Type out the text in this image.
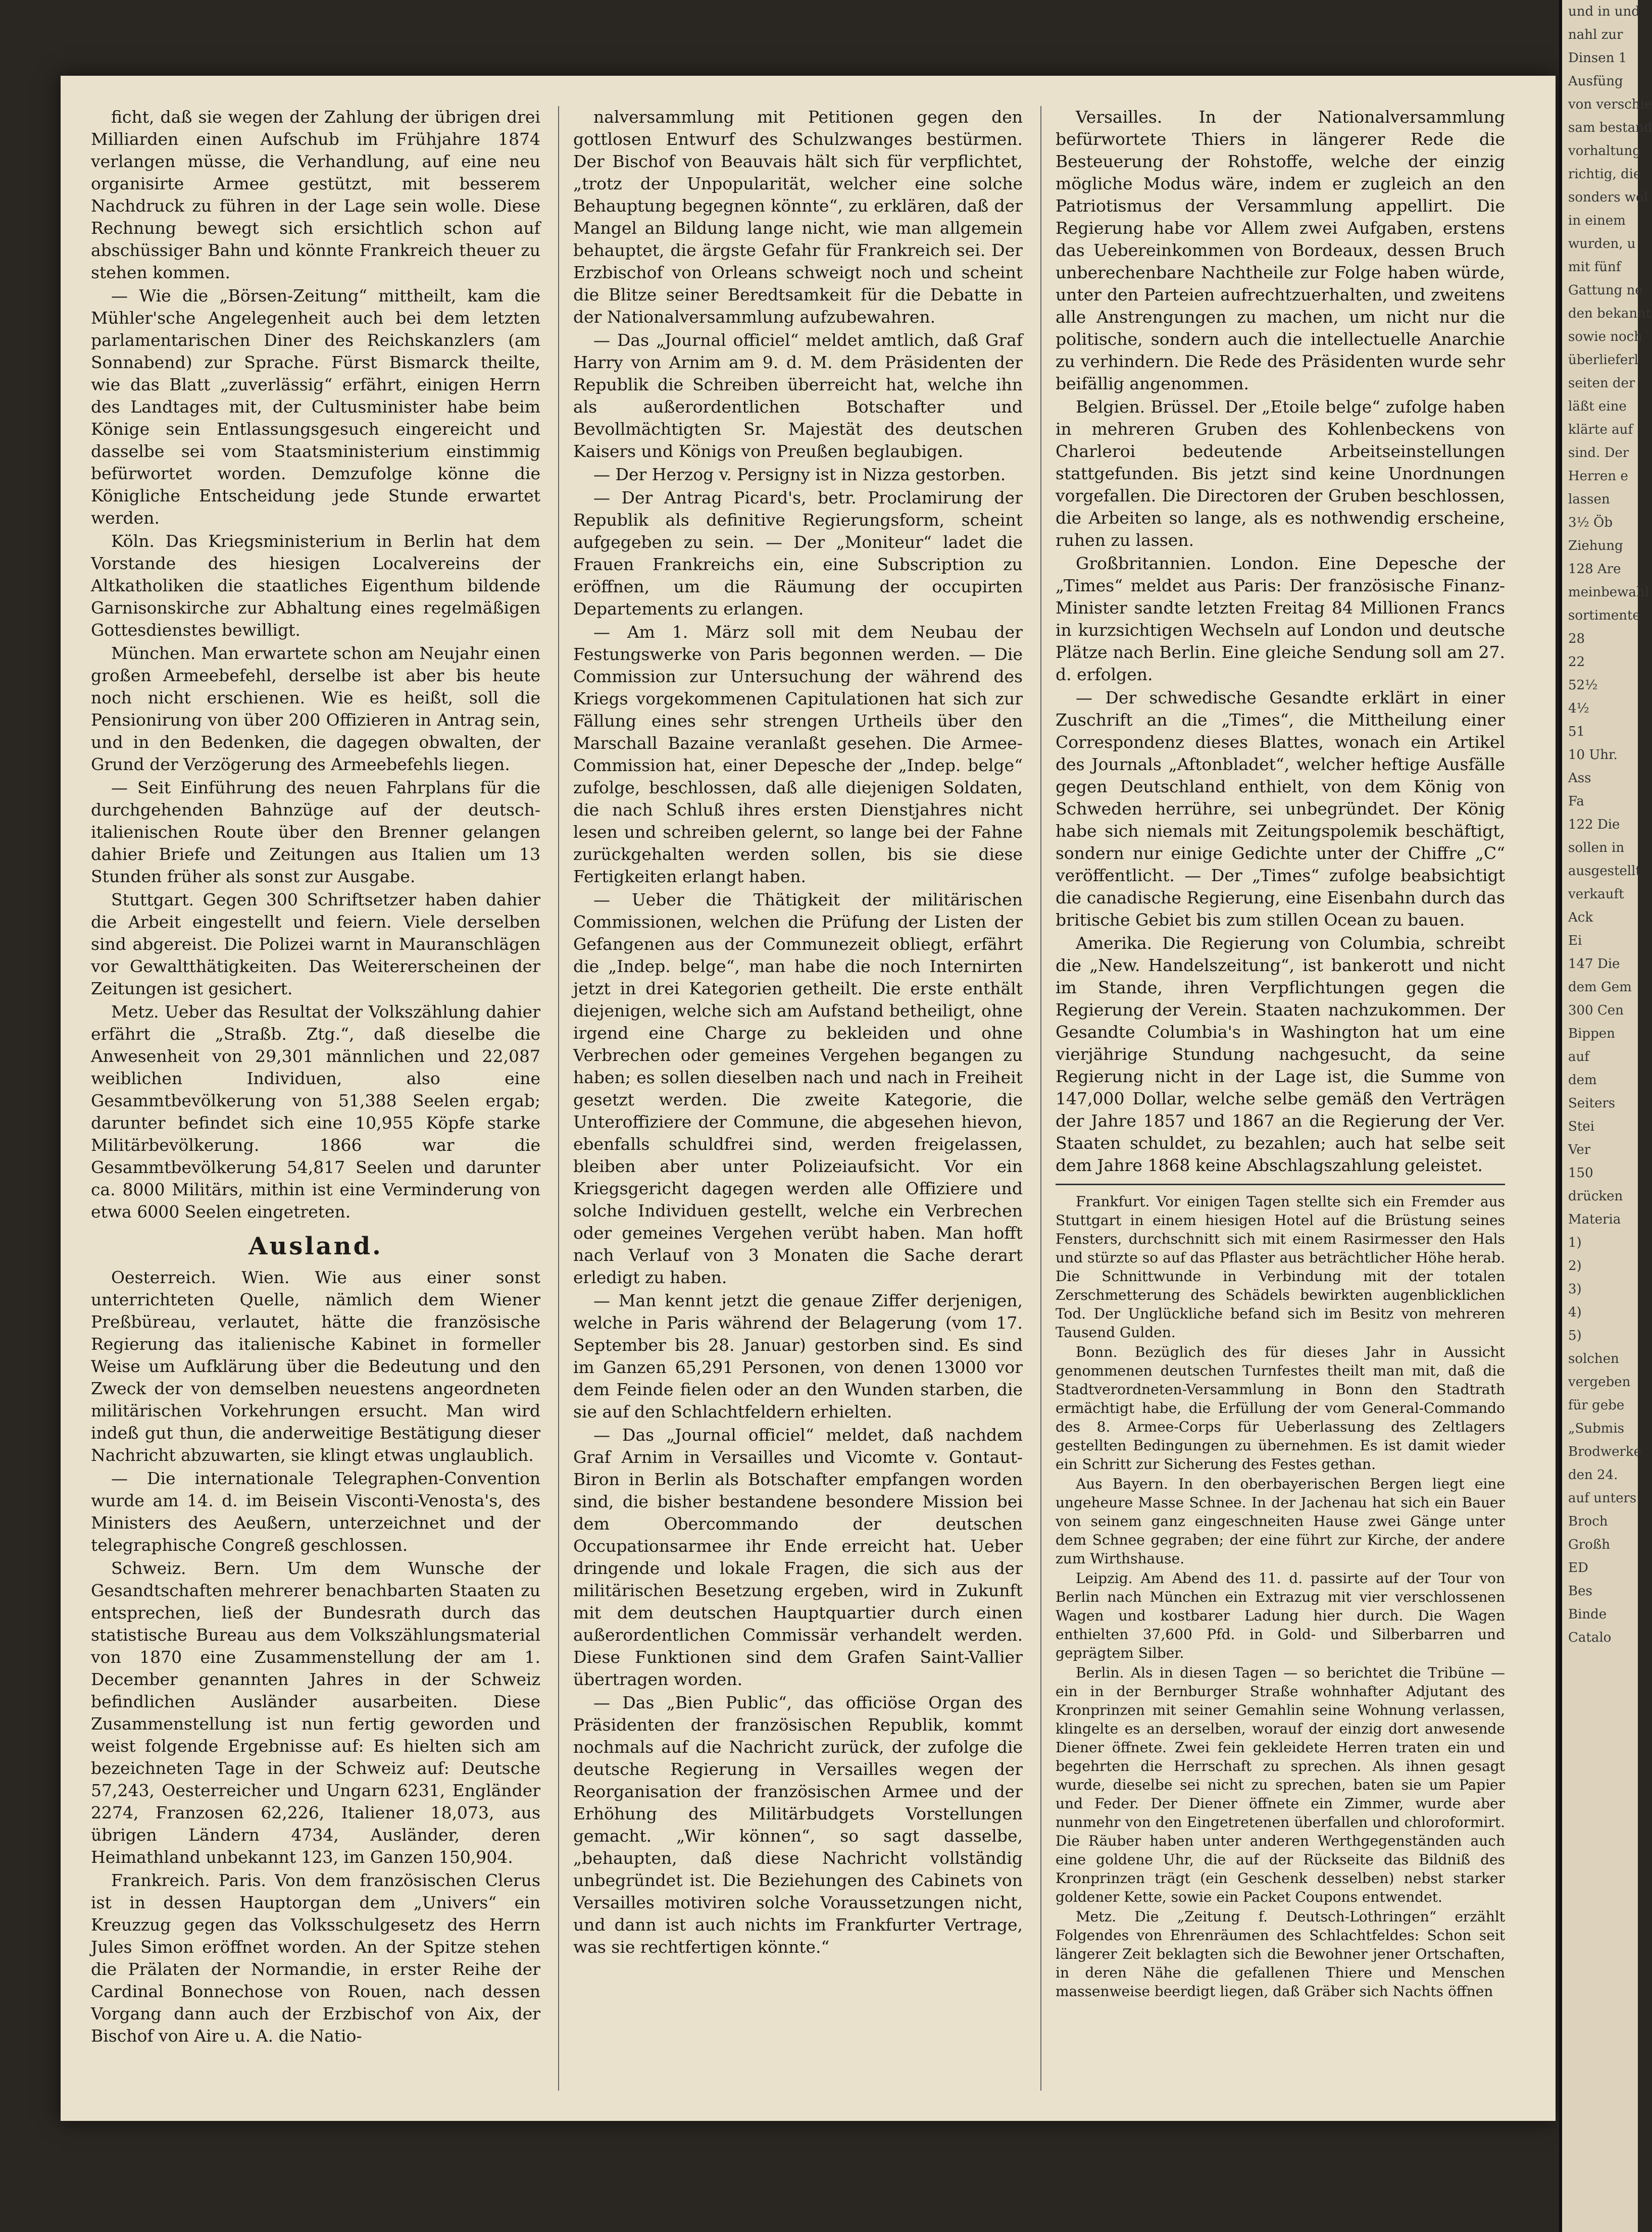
ficht, daß sie wegen der Zahlung der übrigen drei Milliarden einen Aufschub im Frühjahre 1874 verlangen müsse, die Verhandlung, auf eine neu organisirte Armee gestützt, mit besserem Nachdruck zu führen in der Lage sein wolle. Diese Rechnung bewegt sich ersichtlich schon auf abschüssiger Bahn und könnte Frankreich theuer zu stehen kommen.

— Wie die „Börsen-Zeitung“ mittheilt, kam die Mühler'sche Angelegenheit auch bei dem letzten parlamentarischen Diner des Reichskanzlers (am Sonnabend) zur Sprache. Fürst Bismarck theilte, wie das Blatt „zuverlässig“ erfährt, einigen Herrn des Landtages mit, der Cultusminister habe beim Könige sein Entlassungsgesuch eingereicht und dasselbe sei vom Staatsministerium einstimmig befürwortet worden. Demzufolge könne die Königliche Entscheidung jede Stunde erwartet werden.

Köln. Das Kriegsministerium in Berlin hat dem Vorstande des hiesigen Localvereins der Altkatholiken die staatliches Eigenthum bildende Garnisonskirche zur Abhaltung eines regelmäßigen Gottesdienstes bewilligt.

München. Man erwartete schon am Neujahr einen großen Armeebefehl, derselbe ist aber bis heute noch nicht erschienen. Wie es heißt, soll die Pensionirung von über 200 Offizieren in Antrag sein, und in den Bedenken, die dagegen obwalten, der Grund der Verzögerung des Armeebefehls liegen.

— Seit Einführung des neuen Fahrplans für die durchgehenden Bahnzüge auf der deutsch-italienischen Route über den Brenner gelangen dahier Briefe und Zeitungen aus Italien um 13 Stunden früher als sonst zur Ausgabe.

Stuttgart. Gegen 300 Schriftsetzer haben dahier die Arbeit eingestellt und feiern. Viele derselben sind abgereist. Die Polizei warnt in Mauranschlägen vor Gewaltthätigkeiten. Das Weitererscheinen der Zeitungen ist gesichert.

Metz. Ueber das Resultat der Volkszählung dahier erfährt die „Straßb. Ztg.“, daß dieselbe die Anwesenheit von 29,301 männlichen und 22,087 weiblichen Individuen, also eine Gesammtbevölkerung von 51,388 Seelen ergab; darunter befindet sich eine 10,955 Köpfe starke Militärbevölkerung. 1866 war die Gesammtbevölkerung 54,817 Seelen und darunter ca. 8000 Militärs, mithin ist eine Verminderung von etwa 6000 Seelen eingetreten.

Ausland.

Oesterreich. Wien. Wie aus einer sonst unterrichteten Quelle, nämlich dem Wiener Preßbüreau, verlautet, hätte die französische Regierung das italienische Kabinet in formeller Weise um Aufklärung über die Bedeutung und den Zweck der von demselben neuestens angeordneten militärischen Vorkehrungen ersucht. Man wird indeß gut thun, die anderweitige Bestätigung dieser Nachricht abzuwarten, sie klingt etwas unglaublich.

— Die internationale Telegraphen-Convention wurde am 14. d. im Beisein Visconti-Venosta's, des Ministers des Aeußern, unterzeichnet und der telegraphische Congreß geschlossen.

Schweiz. Bern. Um dem Wunsche der Gesandtschaften mehrerer benachbarten Staaten zu entsprechen, ließ der Bundesrath durch das statistische Bureau aus dem Volkszählungsmaterial von 1870 eine Zusammenstellung der am 1. December genannten Jahres in der Schweiz befindlichen Ausländer ausarbeiten. Diese Zusammenstellung ist nun fertig geworden und weist folgende Ergebnisse auf: Es hielten sich am bezeichneten Tage in der Schweiz auf: Deutsche 57,243, Oesterreicher und Ungarn 6231, Engländer 2274, Franzosen 62,226, Italiener 18,073, aus übrigen Ländern 4734, Ausländer, deren Heimathland unbekannt 123, im Ganzen 150,904.

Frankreich. Paris. Von dem französischen Clerus ist in dessen Hauptorgan dem „Univers“ ein Kreuzzug gegen das Volksschulgesetz des Herrn Jules Simon eröffnet worden. An der Spitze stehen die Prälaten der Normandie, in erster Reihe der Cardinal Bonnechose von Rouen, nach dessen Vorgang dann auch der Erzbischof von Aix, der Bischof von Aire u. A. die Natio-

nalversammlung mit Petitionen gegen den gottlosen Entwurf des Schulzwanges bestürmen. Der Bischof von Beauvais hält sich für verpflichtet, „trotz der Unpopularität, welcher eine solche Behauptung begegnen könnte“, zu erklären, daß der Mangel an Bildung lange nicht, wie man allgemein behauptet, die ärgste Gefahr für Frankreich sei. Der Erzbischof von Orleans schweigt noch und scheint die Blitze seiner Beredtsamkeit für die Debatte in der Nationalversammlung aufzubewahren.

— Das „Journal officiel“ meldet amtlich, daß Graf Harry von Arnim am 9. d. M. dem Präsidenten der Republik die Schreiben überreicht hat, welche ihn als außerordentlichen Botschafter und Bevollmächtigten Sr. Majestät des deutschen Kaisers und Königs von Preußen beglaubigen.

— Der Herzog v. Persigny ist in Nizza gestorben.

— Der Antrag Picard's, betr. Proclamirung der Republik als definitive Regierungsform, scheint aufgegeben zu sein. — Der „Moniteur“ ladet die Frauen Frankreichs ein, eine Subscription zu eröffnen, um die Räumung der occupirten Departements zu erlangen.

— Am 1. März soll mit dem Neubau der Festungswerke von Paris begonnen werden. — Die Commission zur Untersuchung der während des Kriegs vorgekommenen Capitulationen hat sich zur Fällung eines sehr strengen Urtheils über den Marschall Bazaine veranlaßt gesehen. Die Armee-Commission hat, einer Depesche der „Indep. belge“ zufolge, beschlossen, daß alle diejenigen Soldaten, die nach Schluß ihres ersten Dienstjahres nicht lesen und schreiben gelernt, so lange bei der Fahne zurückgehalten werden sollen, bis sie diese Fertigkeiten erlangt haben.

— Ueber die Thätigkeit der militärischen Commissionen, welchen die Prüfung der Listen der Gefangenen aus der Communezeit obliegt, erfährt die „Indep. belge“, man habe die noch Internirten jetzt in drei Kategorien getheilt. Die erste enthält diejenigen, welche sich am Aufstand betheiligt, ohne irgend eine Charge zu bekleiden und ohne Verbrechen oder gemeines Vergehen begangen zu haben; es sollen dieselben nach und nach in Freiheit gesetzt werden. Die zweite Kategorie, die Unteroffiziere der Commune, die abgesehen hievon, ebenfalls schuldfrei sind, werden freigelassen, bleiben aber unter Polizeiaufsicht. Vor ein Kriegsgericht dagegen werden alle Offiziere und solche Individuen gestellt, welche ein Verbrechen oder gemeines Vergehen verübt haben. Man hofft nach Verlauf von 3 Monaten die Sache derart erledigt zu haben.

— Man kennt jetzt die genaue Ziffer derjenigen, welche in Paris während der Belagerung (vom 17. September bis 28. Januar) gestorben sind. Es sind im Ganzen 65,291 Personen, von denen 13000 vor dem Feinde fielen oder an den Wunden starben, die sie auf den Schlachtfeldern erhielten.

— Das „Journal officiel“ meldet, daß nachdem Graf Arnim in Versailles und Vicomte v. Gontaut-Biron in Berlin als Botschafter empfangen worden sind, die bisher bestandene besondere Mission bei dem Obercommando der deutschen Occupationsarmee ihr Ende erreicht hat. Ueber dringende und lokale Fragen, die sich aus der militärischen Besetzung ergeben, wird in Zukunft mit dem deutschen Hauptquartier durch einen außerordentlichen Commissär verhandelt werden. Diese Funktionen sind dem Grafen Saint-Vallier übertragen worden.

— Das „Bien Public“, das officiöse Organ des Präsidenten der französischen Republik, kommt nochmals auf die Nachricht zurück, der zufolge die deutsche Regierung in Versailles wegen der Reorganisation der französischen Armee und der Erhöhung des Militärbudgets Vorstellungen gemacht. „Wir können“, so sagt dasselbe, „behaupten, daß diese Nachricht vollständig unbegründet ist. Die Beziehungen des Cabinets von Versailles motiviren solche Voraussetzungen nicht, und dann ist auch nichts im Frankfurter Vertrage, was sie rechtfertigen könnte.“

Versailles. In der Nationalversammlung befürwortete Thiers in längerer Rede die Besteuerung der Rohstoffe, welche der einzig mögliche Modus wäre, indem er zugleich an den Patriotismus der Versammlung appellirt. Die Regierung habe vor Allem zwei Aufgaben, erstens das Uebereinkommen von Bordeaux, dessen Bruch unberechenbare Nachtheile zur Folge haben würde, unter den Parteien aufrechtzuerhalten, und zweitens alle Anstrengungen zu machen, um nicht nur die politische, sondern auch die intellectuelle Anarchie zu verhindern. Die Rede des Präsidenten wurde sehr beifällig angenommen.

Belgien. Brüssel. Der „Etoile belge“ zufolge haben in mehreren Gruben des Kohlenbeckens von Charleroi bedeutende Arbeitseinstellungen stattgefunden. Bis jetzt sind keine Unordnungen vorgefallen. Die Directoren der Gruben beschlossen, die Arbeiten so lange, als es nothwendig erscheine, ruhen zu lassen.

Großbritannien. London. Eine Depesche der „Times“ meldet aus Paris: Der französische Finanz-Minister sandte letzten Freitag 84 Millionen Francs in kurzsichtigen Wechseln auf London und deutsche Plätze nach Berlin. Eine gleiche Sendung soll am 27. d. erfolgen.

— Der schwedische Gesandte erklärt in einer Zuschrift an die „Times“, die Mittheilung einer Correspondenz dieses Blattes, wonach ein Artikel des Journals „Aftonbladet“, welcher heftige Ausfälle gegen Deutschland enthielt, von dem König von Schweden herrühre, sei unbegründet. Der König habe sich niemals mit Zeitungspolemik beschäftigt, sondern nur einige Gedichte unter der Chiffre „C“ veröffentlicht. — Der „Times“ zufolge beabsichtigt die canadische Regierung, eine Eisenbahn durch das britische Gebiet bis zum stillen Ocean zu bauen.

Amerika. Die Regierung von Columbia, schreibt die „New. Handelszeitung“, ist bankerott und nicht im Stande, ihren Verpflichtungen gegen die Regierung der Verein. Staaten nachzukommen. Der Gesandte Columbia's in Washington hat um eine vierjährige Stundung nachgesucht, da seine Regierung nicht in der Lage ist, die Summe von 147,000 Dollar, welche selbe gemäß den Verträgen der Jahre 1857 und 1867 an die Regierung der Ver. Staaten schuldet, zu bezahlen; auch hat selbe seit dem Jahre 1868 keine Abschlagszahlung geleistet.

Frankfurt. Vor einigen Tagen stellte sich ein Fremder aus Stuttgart in einem hiesigen Hotel auf die Brüstung seines Fensters, durchschnitt sich mit einem Rasirmesser den Hals und stürzte so auf das Pflaster aus beträchtlicher Höhe herab. Die Schnittwunde in Verbindung mit der totalen Zerschmetterung des Schädels bewirkten augenblicklichen Tod. Der Unglückliche befand sich im Besitz von mehreren Tausend Gulden.

Bonn. Bezüglich des für dieses Jahr in Aussicht genommenen deutschen Turnfestes theilt man mit, daß die Stadtverordneten-Versammlung in Bonn den Stadtrath ermächtigt habe, die Erfüllung der vom General-Commando des 8. Armee-Corps für Ueberlassung des Zeltlagers gestellten Bedingungen zu übernehmen. Es ist damit wieder ein Schritt zur Sicherung des Festes gethan.

Aus Bayern. In den oberbayerischen Bergen liegt eine ungeheure Masse Schnee. In der Jachenau hat sich ein Bauer von seinem ganz eingeschneiten Hause zwei Gänge unter dem Schnee gegraben; der eine führt zur Kirche, der andere zum Wirthshause.

Leipzig. Am Abend des 11. d. passirte auf der Tour von Berlin nach München ein Extrazug mit vier verschlossenen Wagen und kostbarer Ladung hier durch. Die Wagen enthielten 37,600 Pfd. in Gold- und Silberbarren und geprägtem Silber.

Berlin. Als in diesen Tagen — so berichtet die Tribüne — ein in der Bernburger Straße wohnhafter Adjutant des Kronprinzen mit seiner Gemahlin seine Wohnung verlassen, klingelte es an derselben, worauf der einzig dort anwesende Diener öffnete. Zwei fein gekleidete Herren traten ein und begehrten die Herrschaft zu sprechen. Als ihnen gesagt wurde, dieselbe sei nicht zu sprechen, baten sie um Papier und Feder. Der Diener öffnete ein Zimmer, wurde aber nunmehr von den Eingetretenen überfallen und chloroformirt. Die Räuber haben unter anderen Werthgegenständen auch eine goldene Uhr, die auf der Rückseite das Bildniß des Kronprinzen trägt (ein Geschenk desselben) nebst starker goldener Kette, sowie ein Packet Coupons entwendet.

Metz. Die „Zeitung f. Deutsch-Lothringen“ erzählt Folgendes von Ehrenräumen des Schlachtfeldes: Schon seit längerer Zeit beklagten sich die Bewohner jener Ortschaften, in deren Nähe die gefallenen Thiere und Menschen massenweise beerdigt liegen, daß Gräber sich Nachts öffnen

und in und
nahl zur
Dinsen 1
Ausfüng
von verschie
sam bestand
vorhaltung
richtig, die
sonders wol
in einem
wurden, u
mit fünf
Gattung ne
den bekannt
sowie noch
überlieferl
seiten der
läßt eine
klärte auf
sind. Der
Herren e
lassen
3½ Öb
Ziehung
128 Are
meinbewahl
sortimente
28
22
52½
4½
51
10 Uhr.
Ass
Fa
122 Die
sollen in
ausgestellt
verkauft
Ack
Ei
147 Die
dem Gem
300 Cen
Bippen
auf
dem
Seiters
Stei
Ver
150
drücken
Materia
1)
2)
3)
4)
5)
solchen
vergeben
für gebe
„Submis
Brodwerke
den 24.
auf unters
Broch
Großh
ED
Bes
Binde
Catalo
